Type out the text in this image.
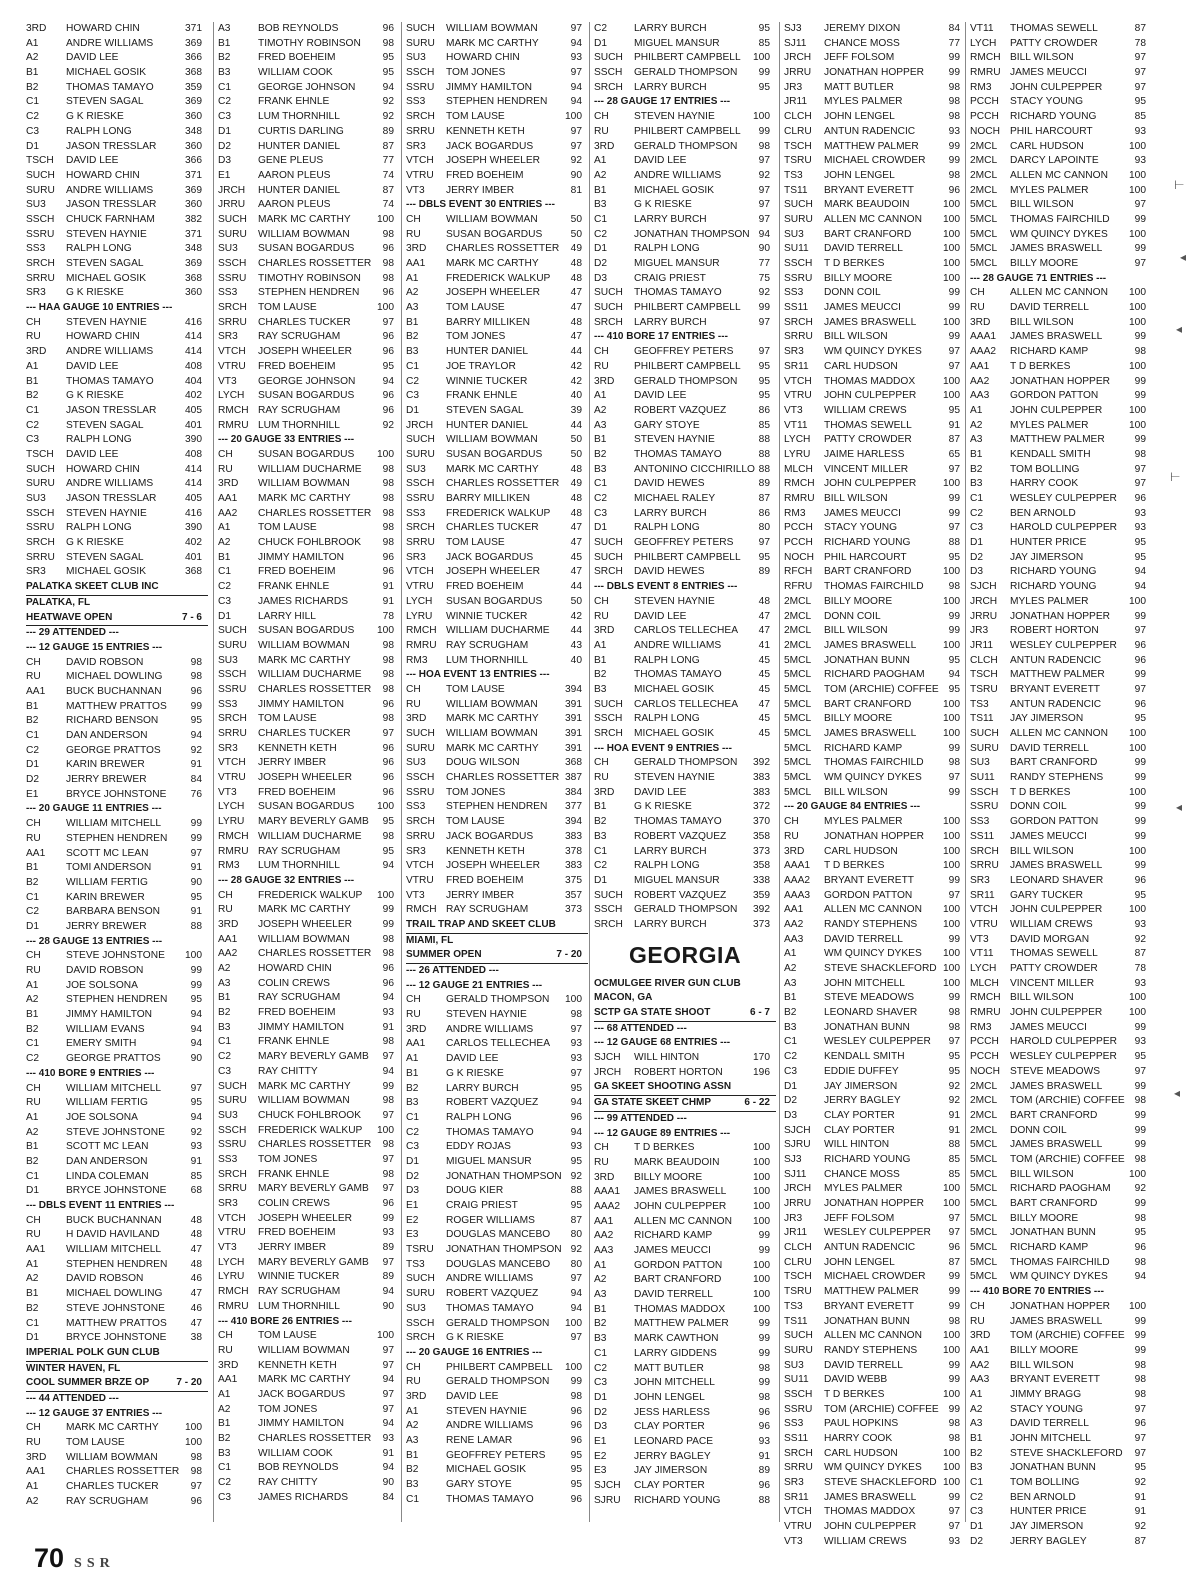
3RD	HOWARD CHIN	371
A1	ANDRE WILLIAMS	369
A2	DAVID LEE	366
B1	MICHAEL GOSIK	368
B2	THOMAS TAMAYO	359
C1	STEVEN SAGAL	369
C2	G K RIESKE	360
C3	RALPH LONG	348
D1	JASON TRESSLAR	360
TSCH	DAVID LEE	366
SUCH	HOWARD CHIN	371
SURU	ANDRE WILLIAMS	369
SU3	JASON TRESSLAR	360
SSCH	CHUCK FARNHAM	382
SSRU	STEVEN HAYNIE	371
SS3	RALPH LONG	348
SRCH	STEVEN SAGAL	369
SRRU	MICHAEL GOSIK	368
SR3	G K RIESKE	360
--- HAA GAUGE 10 ENTRIES ---
CH	STEVEN HAYNIE	416
RU	HOWARD CHIN	414
3RD	ANDRE WILLIAMS	414
A1	DAVID LEE	408
B1	THOMAS TAMAYO	404
B2	G K RIESKE	402
C1	JASON TRESSLAR	405
C2	STEVEN SAGAL	401
C3	RALPH LONG	390
TSCH	DAVID LEE	408
SUCH	HOWARD CHIN	414
SURU	ANDRE WILLIAMS	414
SU3	JASON TRESSLAR	405
SSCH	STEVEN HAYNIE	416
SSRU	RALPH LONG	390
SRCH	G K RIESKE	402
SRRU	STEVEN SAGAL	401
SR3	MICHAEL GOSIK	368
PALATKA SKEET CLUB INC
PALATKA, FL
HEATWAVE OPEN	7 - 6
--- 29 ATTENDED ---
--- 12 GAUGE 15 ENTRIES ---
CH	DAVID ROBSON	98
RU	MICHAEL DOWLING	98
AA1	BUCK BUCHANNAN	96
B1	MATTHEW PRATTOS	99
B2	RICHARD BENSON	95
C1	DAN ANDERSON	94
C2	GEORGE PRATTOS	92
D1	KARIN BREWER	91
D2	JERRY BREWER	84
E1	BRYCE JOHNSTONE	76
--- 20 GAUGE 11 ENTRIES ---
CH	WILLIAM MITCHELL	99
RU	STEPHEN HENDREN	99
AA1	SCOTT MC LEAN	97
B1	TOMI ANDERSON	91
B2	WILLIAM FERTIG	90
C1	KARIN BREWER	95
C2	BARBARA BENSON	91
D1	JERRY BREWER	88
--- 28 GAUGE 13 ENTRIES ---
CH	STEVE JOHNSTONE	100
RU	DAVID ROBSON	99
A1	JOE SOLSONA	99
A2	STEPHEN HENDREN	95
B1	JIMMY HAMILTON	94
B2	WILLIAM EVANS	94
C1	EMERY SMITH	94
C2	GEORGE PRATTOS	90
--- 410 BORE 9 ENTRIES ---
CH	WILLIAM MITCHELL	97
RU	WILLIAM FERTIG	95
A1	JOE SOLSONA	94
A2	STEVE JOHNSTONE	92
B1	SCOTT MC LEAN	93
B2	DAN ANDERSON	91
C1	LINDA COLEMAN	85
D1	BRYCE JOHNSTONE	68
--- DBLS EVENT 11 ENTRIES ---
CH	BUCK BUCHANNAN	48
RU	H DAVID HAVILAND	48
AA1	WILLIAM MITCHELL	47
A1	STEPHEN HENDREN	48
A2	DAVID ROBSON	46
B1	MICHAEL DOWLING	47
B2	STEVE JOHNSTONE	46
C1	MATTHEW PRATTOS	47
D1	BRYCE JOHNSTONE	38
IMPERIAL POLK GUN CLUB
WINTER HAVEN, FL
COOL SUMMER BRZE OP	7 - 20
--- 44 ATTENDED ---
--- 12 GAUGE 37 ENTRIES ---
CH	MARK MC CARTHY	100
RU	TOM LAUSE	100
3RD	WILLIAM BOWMAN	98
AA1	CHARLES ROSSETTER	98
A1	CHARLES TUCKER	97
A2	RAY SCRUGHAM	96
A3	BOB REYNOLDS	96
B1	TIMOTHY ROBINSON	98
B2	FRED BOEHEIM	95
B3	WILLIAM COOK	95
C1	GEORGE JOHNSON	94
C2	FRANK EHNLE	92
C3	LUM THORNHILL	92
D1	CURTIS DARLING	89
D2	HUNTER DANIEL	87
D3	GENE PLEUS	77
E1	AARON PLEUS	74
JRCH	HUNTER DANIEL	87
JRRU	AARON PLEUS	74
SUCH	MARK MC CARTHY	100
SURU	WILLIAM BOWMAN	98
SU3	SUSAN BOGARDUS	96
SSCH	CHARLES ROSSETTER	98
SSRU	TIMOTHY ROBINSON	98
SS3	STEPHEN HENDREN	96
SRCH	TOM LAUSE	100
SRRU	CHARLES TUCKER	97
SR3	RAY SCRUGHAM	96
VTCH	JOSEPH WHEELER	96
VTRU	FRED BOEHEIM	95
VT3	GEORGE JOHNSON	94
LYCH	SUSAN BOGARDUS	96
RMCH RAY SCRUGHAM	96
RMRU LUM THORNHILL	92
--- 20 GAUGE 33 ENTRIES ---
CH	SUSAN BOGARDUS	100
RU	WILLIAM DUCHARME	98
3RD	WILLIAM BOWMAN	98
AA1	MARK MC CARTHY	98
AA2	CHARLES ROSSETTER	98
A1	TOM LAUSE	98
A2	CHUCK FOHLBROOK	98
B1	JIMMY HAMILTON	96
C1	FRED BOEHEIM	96
C2	FRANK EHNLE	91
C3	JAMES RICHARDS	91
D1	LARRY HILL	78
SUCH	SUSAN BOGARDUS	100
SURU	WILLIAM BOWMAN	98
SU3	MARK MC CARTHY	98
SSCH	WILLIAM DUCHARME	98
SSRU	CHARLES ROSSETTER	98
SS3	JIMMY HAMILTON	96
SRCH	TOM LAUSE	98
SRRU	CHARLES TUCKER	97
SR3	KENNETH KETH	96
VTCH	JERRY IMBER	96
VTRU	JOSEPH WHEELER	96
VT3	FRED BOEHEIM	96
LYCH	SUSAN BOGARDUS	100
LYRU	MARY BEVERLY GAMB	95
RMCH WILLIAM DUCHARME	98
RMRU RAY SCRUGHAM	95
RM3	LUM THORNHILL	94
--- 28 GAUGE 32 ENTRIES ---
CH	FREDERICK WALKUP	100
RU	MARK MC CARTHY	99
3RD	JOSEPH WHEELER	99
AA1	WILLIAM BOWMAN	98
AA2	CHARLES ROSSETTER	98
A2	HOWARD CHIN	96
A3	COLIN CREWS	96
B1	RAY SCRUGHAM	94
B2	FRED BOEHEIM	93
B3	JIMMY HAMILTON	91
C1	FRANK EHNLE	98
C2	MARY BEVERLY GAMB	97
C3	RAY CHITTY	94
SUCH	MARK MC CARTHY	99
SURU	WILLIAM BOWMAN	98
SU3	CHUCK FOHLBROOK	97
SSCH	FREDERICK WALKUP	100
SSRU	CHARLES ROSSETTER	98
SS3	TOM JONES	97
SRCH	FRANK EHNLE	98
SRRU	MARY BEVERLY GAMB	97
SR3	COLIN CREWS	96
VTCH	JOSEPH WHEELER	99
VTRU	FRED BOEHEIM	93
VT3	JERRY IMBER	89
LYCH	MARY BEVERLY GAMB	97
LYRU	WINNIE TUCKER	89
RMCH RAY SCRUGHAM	94
RMRU LUM THORNHILL	90
--- 410 BORE 26 ENTRIES ---
CH	TOM LAUSE	100
RU	WILLIAM BOWMAN	97
3RD	KENNETH KETH	97
AA1	MARK MC CARTHY	94
A1	JACK BOGARDUS	97
A2	TOM JONES	97
B1	JIMMY HAMILTON	94
B2	CHARLES ROSSETTER	93
B3	WILLIAM COOK	91
C1	BOB REYNOLDS	94
C2	RAY CHITTY	90
C3	JAMES RICHARDS	84
SUCH	WILLIAM BOWMAN	97
SURU	MARK MC CARTHY	94
SU3	HOWARD CHIN	93
SSCH	TOM JONES	97
SSRU	JIMMY HAMILTON	94
SS3	STEPHEN HENDREN	94
SRCH	TOM LAUSE	100
SRRU	KENNETH KETH	97
SR3	JACK BOGARDUS	97
VTCH	JOSEPH WHEELER	92
VTRU	FRED BOEHEIM	90
VT3	JERRY IMBER	81
--- DBLS EVENT 30 ENTRIES ---
CH	WILLIAM BOWMAN	50
RU	SUSAN BOGARDUS	50
3RD	CHARLES ROSSETTER	49
AA1	MARK MC CARTHY	48
A1	FREDERICK WALKUP	48
A2	JOSEPH WHEELER	47
A3	TOM LAUSE	47
B1	BARRY MILLIKEN	48
B2	TOM JONES	47
B3	HUNTER DANIEL	44
C1	JOE TRAYLOR	42
C2	WINNIE TUCKER	42
C3	FRANK EHNLE	40
D1	STEVEN SAGAL	39
JRCH	HUNTER DANIEL	44
SUCH	WILLIAM BOWMAN	50
SURU	SUSAN BOGARDUS	50
SU3	MARK MC CARTHY	48
SSCH	CHARLES ROSSETTER	49
SSRU	BARRY MILLIKEN	48
SS3	FREDERICK WALKUP	48
SRCH	CHARLES TUCKER	47
SRRU	TOM LAUSE	47
SR3	JACK BOGARDUS	45
VTCH	JOSEPH WHEELER	47
VTRU	FRED BOEHEIM	44
LYCH	SUSAN BOGARDUS	50
LYRU	WINNIE TUCKER	42
RMCH WILLIAM DUCHARME	44
RMRU RAY SCRUGHAM	43
RM3	LUM THORNHILL	40
--- HOA EVENT 13 ENTRIES ---
CH	TOM LAUSE	394
RU	WILLIAM BOWMAN	391
3RD	MARK MC CARTHY	391
SUCH	WILLIAM BOWMAN	391
SURU	MARK MC CARTHY	391
SU3	DOUG WILSON	368
SSCH	CHARLES ROSSETTER 387
SSRU	TOM JONES	384
SS3	STEPHEN HENDREN	377
SRCH	TOM LAUSE	394
SRRU	JACK BOGARDUS	383
SR3	KENNETH KETH	378
VTCH	JOSEPH WHEELER	383
VTRU	FRED BOEHEIM	375
VT3	JERRY IMBER	357
RMCH RAY SCRUGHAM	373
TRAIL TRAP AND SKEET CLUB
MIAMI, FL
SUMMER OPEN	7 - 20
--- 26 ATTENDED ---
--- 12 GAUGE 21 ENTRIES ---
CH	GERALD THOMPSON	100
RU	STEVEN HAYNIE	98
3RD	ANDRE WILLIAMS	97
AA1	CARLOS TELLECHEA	93
A1	DAVID LEE	93
B1	G K RIESKE	97
B2	LARRY BURCH	95
B3	ROBERT VAZQUEZ	94
C1	RALPH LONG	96
C2	THOMAS TAMAYO	94
C3	EDDY ROJAS	93
D1	MIGUEL MANSUR	95
D2	JONATHAN THOMPSON 92
D3	DOUG KIER	88
E1	CRAIG PRIEST	95
E2	ROGER WILLIAMS	87
E3	DOUGLAS MANCEBO	80
TSRU	JONATHAN THOMPSON 92
TS3	DOUGLAS MANCEBO	80
SUCH	ANDRE WILLIAMS	97
SURU	ROBERT VAZQUEZ	94
SU3	THOMAS TAMAYO	94
SSCH	GERALD THOMPSON	100
SRCH	G K RIESKE	97
--- 20 GAUGE 16 ENTRIES ---
CH	PHILBERT CAMPBELL	100
RU	GERALD THOMPSON	99
3RD	DAVID LEE	98
A1	STEVEN HAYNIE	96
A2	ANDRE WILLIAMS	96
A3	RENE LAMAR	96
B1	GEOFFREY PETERS	95
B2	MICHAEL GOSIK	95
B3	GARY STOYE	95
C1	THOMAS TAMAYO	96
C2	LARRY BURCH	95
D1	MIGUEL MANSUR	85
SUCH	PHILBERT CAMPBELL	100
SSCH	GERALD THOMPSON	99
SRCH	LARRY BURCH	95
--- 28 GAUGE 17 ENTRIES ---
CH	STEVEN HAYNIE	100
RU	PHILBERT CAMPBELL	99
3RD	GERALD THOMPSON	98
A1	DAVID LEE	97
A2	ANDRE WILLIAMS	92
B1	MICHAEL GOSIK	97
B3	G K RIESKE	97
C1	LARRY BURCH	97
C2	JONATHAN THOMPSON 94
D1	RALPH LONG	90
D2	MIGUEL MANSUR	77
D3	CRAIG PRIEST	75
SUCH	THOMAS TAMAYO	92
SUCH	PHILBERT CAMPBELL	99
SRCH	LARRY BURCH	97
--- 410 BORE 17 ENTRIES ---
CH	GEOFFREY PETERS	97
RU	PHILBERT CAMPBELL	95
3RD	GERALD THOMPSON	95
A1	DAVID LEE	95
A2	ROBERT VAZQUEZ	86
A3	GARY STOYE	85
B1	STEVEN HAYNIE	88
B2	THOMAS TAMAYO	88
B3	ANTONINO CICCHIRILLO 88
C1	DAVID HEWES	89
C2	MICHAEL RALEY	87
C3	LARRY BURCH	86
D1	RALPH LONG	80
SUCH	GEOFFREY PETERS	97
SUCH	PHILBERT CAMPBELL	95
SRCH	DAVID HEWES	89
--- DBLS EVENT 8 ENTRIES ---
CH	STEVEN HAYNIE	48
RU	DAVID LEE	47
3RD	CARLOS TELLECHEA	47
A1	ANDRE WILLIAMS	41
B1	RALPH LONG	45
B2	THOMAS TAMAYO	45
B3	MICHAEL GOSIK	45
SUCH	CARLOS TELLECHEA	47
SSCH	RALPH LONG	45
SRCH	MICHAEL GOSIK	45
--- HOA EVENT 9 ENTRIES ---
CH	GERALD THOMPSON	392
RU	STEVEN HAYNIE	383
3RD	DAVID LEE	383
B1	G K RIESKE	372
B2	THOMAS TAMAYO	370
B3	ROBERT VAZQUEZ	358
C1	LARRY BURCH	373
C2	RALPH LONG	358
D1	MIGUEL MANSUR	338
SUCH	ROBERT VAZQUEZ	359
SSCH	GERALD THOMPSON	392
SRCH	LARRY BURCH	373
GEORGIA
OCMULGEE RIVER GUN CLUB
MACON, GA
SCTP GA STATE SHOOT	6 - 7
--- 68 ATTENDED ---
--- 12 GAUGE 68 ENTRIES ---
SJCH	WILL HINTON	170
JRCH	ROBERT HORTON	196
GA SKEET SHOOTING ASSN
GA STATE SKEET CHMP	6 - 22
--- 99 ATTENDED ---
--- 12 GAUGE 89 ENTRIES ---
CH	T D BERKES	100
RU	MARK BEAUDOIN	100
3RD	BILLY MOORE	100
AAA1	JAMES BRASWELL	100
AAA2	JOHN CULPEPPER	100
AA1	ALLEN MC CANNON	100
AA2	RICHARD KAMP	99
AA3	JAMES MEUCCI	99
A1	GORDON PATTON	100
A2	BART CRANFORD	100
A3	DAVID TERRELL	100
B1	THOMAS MADDOX	100
B2	MATTHEW PALMER	99
B3	MARK CAWTHON	99
C1	LARRY GIDDENS	99
C2	MATT BUTLER	98
C3	JOHN MITCHELL	99
D1	JOHN LENGEL	98
D2	JESS HARLESS	96
D3	CLAY PORTER	96
E1	LEONARD PACE	93
E2	JERRY BAGLEY	91
E3	JAY JIMERSON	89
SJCH	CLAY PORTER	96
SJRU	RICHARD YOUNG	88
SJ3	JEREMY DIXON	84
SJ11	CHANCE MOSS	77
JRCH	JEFF FOLSOM	99
JRRU	JONATHAN HOPPER	99
JR3	MATT BUTLER	98
JR11	MYLES PALMER	98
CLCH	JOHN LENGEL	98
CLRU	ANTUN RADENCIC	93
TSCH	MATTHEW PALMER	99
TSRU	MICHAEL CROWDER	99
TS3	JOHN LENGEL	98
TS11	BRYANT EVERETT	96
SUCH	MARK BEAUDOIN	100
SURU	ALLEN MC CANNON	100
SU3	BART CRANFORD	100
SU11	DAVID TERRELL	100
SSCH	T D BERKES	100
SSRU	BILLY MOORE	100
SS3	DONN COIL	99
SS11	JAMES MEUCCI	99
SRCH	JAMES BRASWELL	100
SRRU	BILL WILSON	99
SR3	WM QUINCY DYKES	97
SR11	CARL HUDSON	97
VTCH	THOMAS MADDOX	100
VTRU	JOHN CULPEPPER	100
VT3	WILLIAM CREWS	95
VT11	THOMAS SEWELL	91
LYCH	PATTY CROWDER	87
LYRU	JAIME HARLESS	65
MLCH	VINCENT MILLER	97
RMCH JOHN CULPEPPER	100
RMRU BILL WILSON	99
RM3	JAMES MEUCCI	99
PCCH	STACY YOUNG	97
PCCH	RICHARD YOUNG	88
NOCH PHIL HARCOURT	95
RFCH	BART CRANFORD	100
RFRU	THOMAS FAIRCHILD	98
2MCL	BILLY MOORE	100
2MCL	DONN COIL	99
2MCL	BILL WILSON	99
2MCL	JAMES BRASWELL	100
5MCL	JONATHAN BUNN	95
5MCL	RICHARD PAOGHAM	94
5MCL	TOM (ARCHIE) COFFEE 95
5MCL	BART CRANFORD	100
5MCL	BILLY MOORE	100
5MCL	JAMES BRASWELL	100
5MCL	RICHARD KAMP	99
5MCL	THOMAS FAIRCHILD	98
5MCL	WM QUINCY DYKES	97
5MCL	BILL WILSON	99
--- 20 GAUGE 84 ENTRIES ---
CH	MYLES PALMER	100
RU	JONATHAN HOPPER	100
3RD	CARL HUDSON	100
AAA1	T D BERKES	100
AAA2	BRYANT EVERETT	99
AAA3	GORDON PATTON	97
AA1	ALLEN MC CANNON	100
AA2	RANDY STEPHENS	100
AA3	DAVID TERRELL	99
A1	WM QUINCY DYKES	100
A2	STEVE SHACKLEFORD 100
A3	JOHN MITCHELL	100
B1	STEVE MEADOWS	99
B2	LEONARD SHAVER	98
B3	JONATHAN BUNN	98
C1	WESLEY CULPEPPER	97
C2	KENDALL SMITH	95
C3	EDDIE DUFFEY	95
D1	JAY JIMERSON	92
D2	JERRY BAGLEY	92
D3	CLAY PORTER	91
SJCH	CLAY PORTER	91
SJRU	WILL HINTON	88
SJ3	RICHARD YOUNG	85
SJ11	CHANCE MOSS	85
JRCH	MYLES PALMER	100
JRRU	JONATHAN HOPPER	100
JR3	JEFF FOLSOM	97
JR11	WESLEY CULPEPPER	97
CLCH	ANTUN RADENCIC	96
CLRU	JOHN LENGEL	87
TSCH	MICHAEL CROWDER	99
TSRU	MATTHEW PALMER	99
TS3	BRYANT EVERETT	99
TS11	JONATHAN BUNN	98
SUCH	ALLEN MC CANNON	100
SURU	RANDY STEPHENS	100
SU3	DAVID TERRELL	99
SU11	DAVID WEBB	99
SSCH	T D BERKES	100
SSRU	TOM (ARCHIE) COFFEE 99
SS3	PAUL HOPKINS	98
SS11	HARRY COOK	98
SRCH	CARL HUDSON	100
SRRU	WM QUINCY DYKES	100
SR3	STEVE SHACKLEFORD 100
SR11	JAMES BRASWELL	99
VTCH	THOMAS MADDOX	97
VTRU	JOHN CULPEPPER	97
VT3	WILLIAM CREWS	93
VT11	THOMAS SEWELL	87
LYCH	PATTY CROWDER	78
RMCH BILL WILSON	97
RMRU JAMES MEUCCI	97
RM3	JOHN CULPEPPER	97
PCCH	STACY YOUNG	95
PCCH	RICHARD YOUNG	85
NOCH PHIL HARCOURT	93
2MCL	CARL HUDSON	100
2MCL	DARCY LAPOINTE	93
2MCL	ALLEN MC CANNON	100
2MCL	MYLES PALMER	100
5MCL	BILL WILSON	97
5MCL	THOMAS FAIRCHILD	99
5MCL	WM QUINCY DYKES	100
5MCL	JAMES BRASWELL	99
5MCL	BILLY MOORE	97
--- 28 GAUGE 71 ENTRIES ---
CH	ALLEN MC CANNON	100
RU	DAVID TERRELL	100
3RD	BILL WILSON	100
AAA1	JAMES BRASWELL	99
AAA2	RICHARD KAMP	98
AA1	T D BERKES	100
AA2	JONATHAN HOPPER	99
AA3	GORDON PATTON	99
A1	JOHN CULPEPPER	100
A2	MYLES PALMER	100
A3	MATTHEW PALMER	99
B1	KENDALL SMITH	98
B2	TOM BOLLING	97
B3	HARRY COOK	97
C1	WESLEY CULPEPPER	96
C2	BEN ARNOLD	93
C3	HAROLD CULPEPPER	93
D1	HUNTER PRICE	95
D2	JAY JIMERSON	95
D3	RICHARD YOUNG	94
SJCH	RICHARD YOUNG	94
JRCH	MYLES PALMER	100
JRRU	JONATHAN HOPPER	99
JR3	ROBERT HORTON	97
JR11	WESLEY CULPEPPER	96
CLCH	ANTUN RADENCIC	96
TSCH	MATTHEW PALMER	99
TSRU	BRYANT EVERETT	97
TS3	ANTUN RADENCIC	96
TS11	JAY JIMERSON	95
SUCH	ALLEN MC CANNON	100
SURU	DAVID TERRELL	100
SU3	BART CRANFORD	99
SU11	RANDY STEPHENS	99
SSCH	T D BERKES	100
SSRU	DONN COIL	99
SS3	GORDON PATTON	99
SS11	JAMES MEUCCI	99
SRCH	BILL WILSON	100
SRRU	JAMES BRASWELL	99
SR3	LEONARD SHAVER	96
SR11	GARY TUCKER	95
VTCH	JOHN CULPEPPER	100
VTRU	WILLIAM CREWS	93
VT3	DAVID MORGAN	92
VT11	THOMAS SEWELL	87
LYCH	PATTY CROWDER	78
MLCH	VINCENT MILLER	93
RMCH BILL WILSON	100
RMRU JOHN CULPEPPER	100
RM3	JAMES MEUCCI	99
PCCH	HAROLD CULPEPPER	93
PCCH	WESLEY CULPEPPER	95
NOCH STEVE MEADOWS	97
2MCL	JAMES BRASWELL	99
2MCL	TOM (ARCHIE) COFFEE 98
2MCL	BART CRANFORD	99
2MCL	DONN COIL	99
5MCL	JAMES BRASWELL	99
5MCL	TOM (ARCHIE) COFFEE 98
5MCL	BILL WILSON	100
5MCL	RICHARD PAOGHAM	92
5MCL	BART CRANFORD	99
5MCL	BILLY MOORE	98
5MCL	JONATHAN BUNN	95
5MCL	RICHARD KAMP	96
5MCL	THOMAS FAIRCHILD	98
5MCL	WM QUINCY DYKES	94
--- 410 BORE 70 ENTRIES ---
CH	JONATHAN HOPPER	100
RU	JAMES BRASWELL	99
3RD	TOM (ARCHIE) COFFEE 99
AA1	BILLY MOORE	99
AA2	BILL WILSON	98
AA3	BRYANT EVERETT	98
A1	JIMMY BRAGG	98
A2	STACY YOUNG	97
A3	DAVID TERRELL	96
B1	JOHN MITCHELL	97
B2	STEVE SHACKLEFORD	97
B3	JONATHAN BUNN	95
C1	TOM BOLLING	92
C2	BEN ARNOLD	91
C3	HUNTER PRICE	91
D1	JAY JIMERSON	92
D2	JERRY BAGLEY	87
70 SSR
⊢
◂
◂
⊢
◂
◂
